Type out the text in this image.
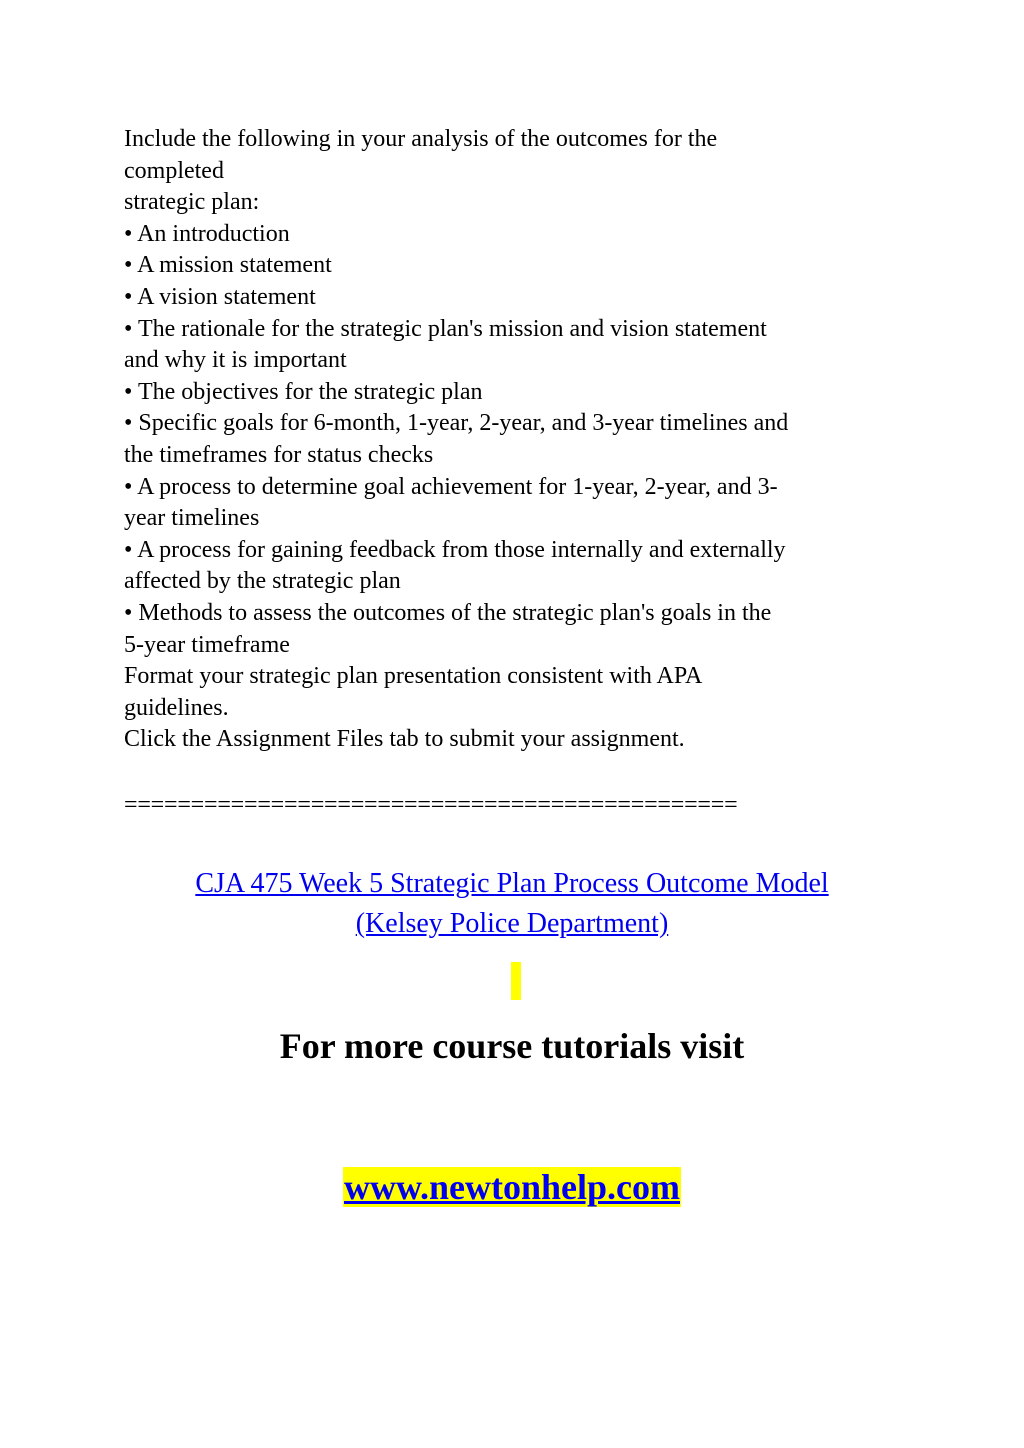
Include the following in your analysis of the outcomes for the
completed
strategic plan:
• An introduction
• A mission statement
• A vision statement
• The rationale for the strategic plan's mission and vision statement
and why it is important
• The objectives for the strategic plan
• Specific goals for 6-month, 1-year, 2-year, and 3-year timelines and
the timeframes for status checks
• A process to determine goal achievement for 1-year, 2-year, and 3-
year timelines
• A process for gaining feedback from those internally and externally
affected by the strategic plan
• Methods to assess the outcomes of the strategic plan's goals in the
5-year timeframe
Format your strategic plan presentation consistent with APA
guidelines.
Click the Assignment Files tab to submit your assignment.
==============================================
CJA 475 Week 5 Strategic Plan Process Outcome Model
(Kelsey Police Department)
For more course tutorials visit
www.newtonhelp.com
